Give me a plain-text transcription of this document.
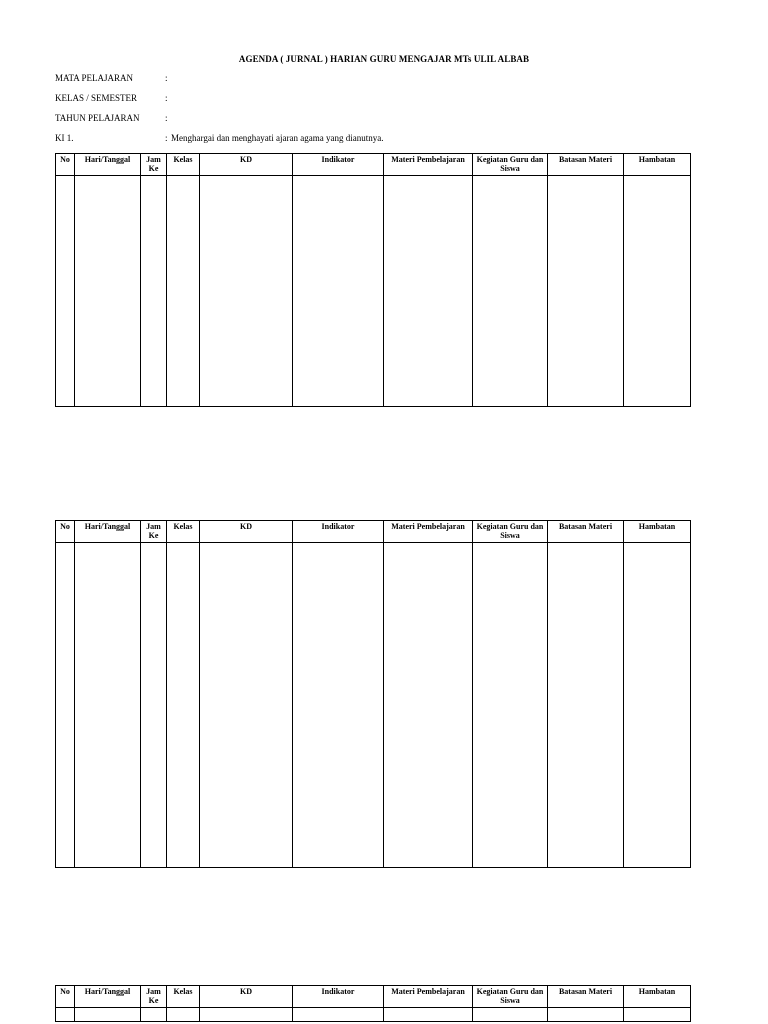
AGENDA ( JURNAL ) HARIAN GURU MENGAJAR MTs ULIL ALBAB
MATA PELAJARAN	:
KELAS / SEMESTER	:
TAHUN PELAJARAN	:
KI 1.	: Menghargai dan menghayati ajaran agama yang dianutnya.
No	Hari/Tanggal	Jam Ke	Kelas	KD	Indikator	Materi Pembelajaran	Kegiatan Guru dan Siswa	Batasan Materi	Hambatan

No	Hari/Tanggal	Jam Ke	Kelas	KD	Indikator	Materi Pembelajaran	Kegiatan Guru dan Siswa	Batasan Materi	Hambatan

No	Hari/Tanggal	Jam Ke	Kelas	KD	Indikator	Materi Pembelajaran	Kegiatan Guru dan Siswa	Batasan Materi	Hambatan
